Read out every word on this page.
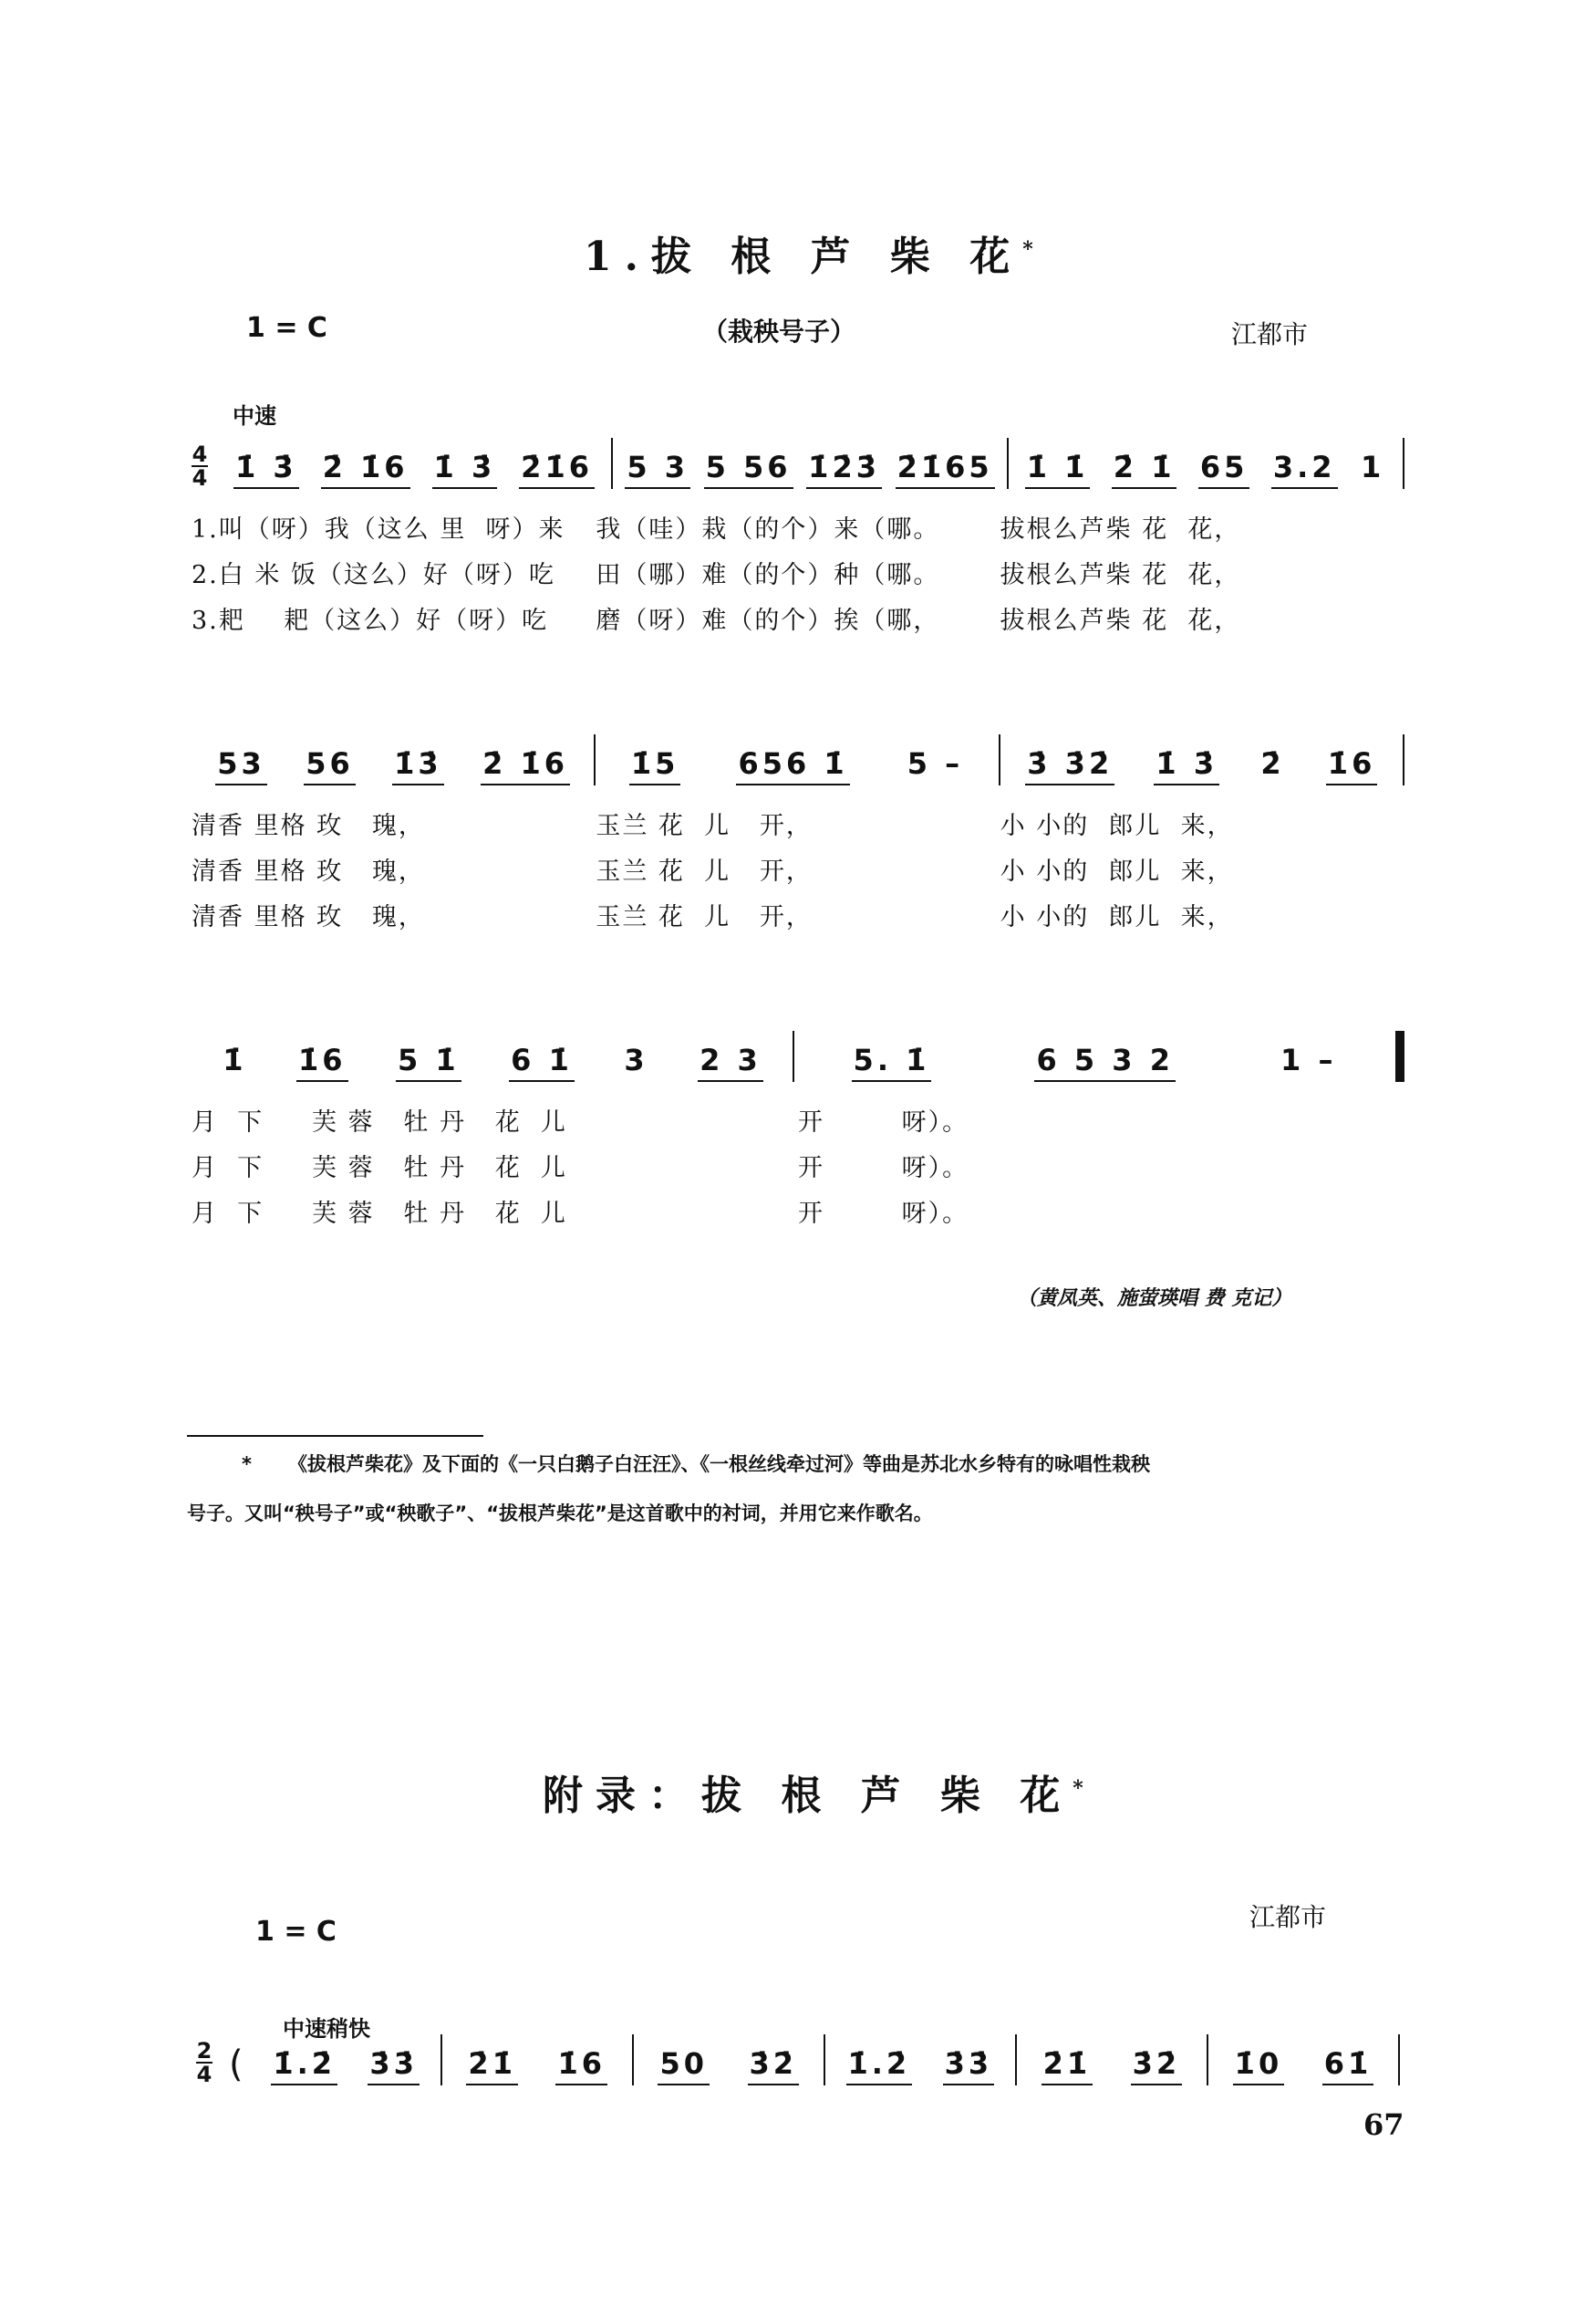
1.拔 根 芦 柴 花*
1 = C	（栽秧号子）	江都市
中速
4
4 1̇ 3̇ 2̇ 1̇6 1̇ 3̇ 2̇1̇6 5 3 5 56 1̇2̇3̇ 2̇1̇65 1̇ 1̇ 2̇ 1̇ 65 3.2 1
1.叫（呀）我（这么 里  呀）来	我（哇）栽（的个）来（哪。	拔根么芦柴 花  花，
2.白 米 饭（这么）好（呀）吃	田（哪）难（的个）种（哪。	拔根么芦柴 花  花，
3.耙    耙（这么）好（呀）吃	磨（呀）难（的个）挨（哪，	拔根么芦柴 花  花，
53 56 1̇3̇ 2̇ 1̇6 1̇5 656 1̇ 5 – 3̇ 3̇2̇ 1̇ 3̇ 2̇ 1̇6
清香 里格 玫   瑰，	玉兰 花  儿   开，	小 小的  郎儿  来，
清香 里格 玫   瑰，	玉兰 花  儿   开，	小 小的  郎儿  来，
清香 里格 玫   瑰，	玉兰 花  儿   开，	小 小的  郎儿  来，
1̇ 1̇6 5 1̇ 6 1̇ 3 2 3	5. 1̇	6 5 3 2	1 –
月  下     芙 蓉   牡 丹   花  儿	开        呀）。
月  下     芙 蓉   牡 丹   花  儿	开        呀）。
月  下     芙 蓉   牡 丹   花  儿	开        呀）。
（黄凤英、施萤瑛唱 费 克记）
* 《拔根芦柴花》及下面的《一只白鹅子白汪汪》、《一根丝线牵过河》等曲是苏北水乡特有的咏唱性栽秧
号子。又叫“秧号子”或“秧歌子”、“拔根芦柴花”是这首歌中的衬词，并用它来作歌名。
附录：拔 根 芦 柴 花*
1 = C	江都市
中速稍快
2
4 ( 1̇.2̇ 3̇3̇ 2̇1̇ 1̇6 50 3̇2̇ 1̇.2̇ 3̇3̇ 2̇1̇ 3̇2̇ 1̇0 61̇
67
